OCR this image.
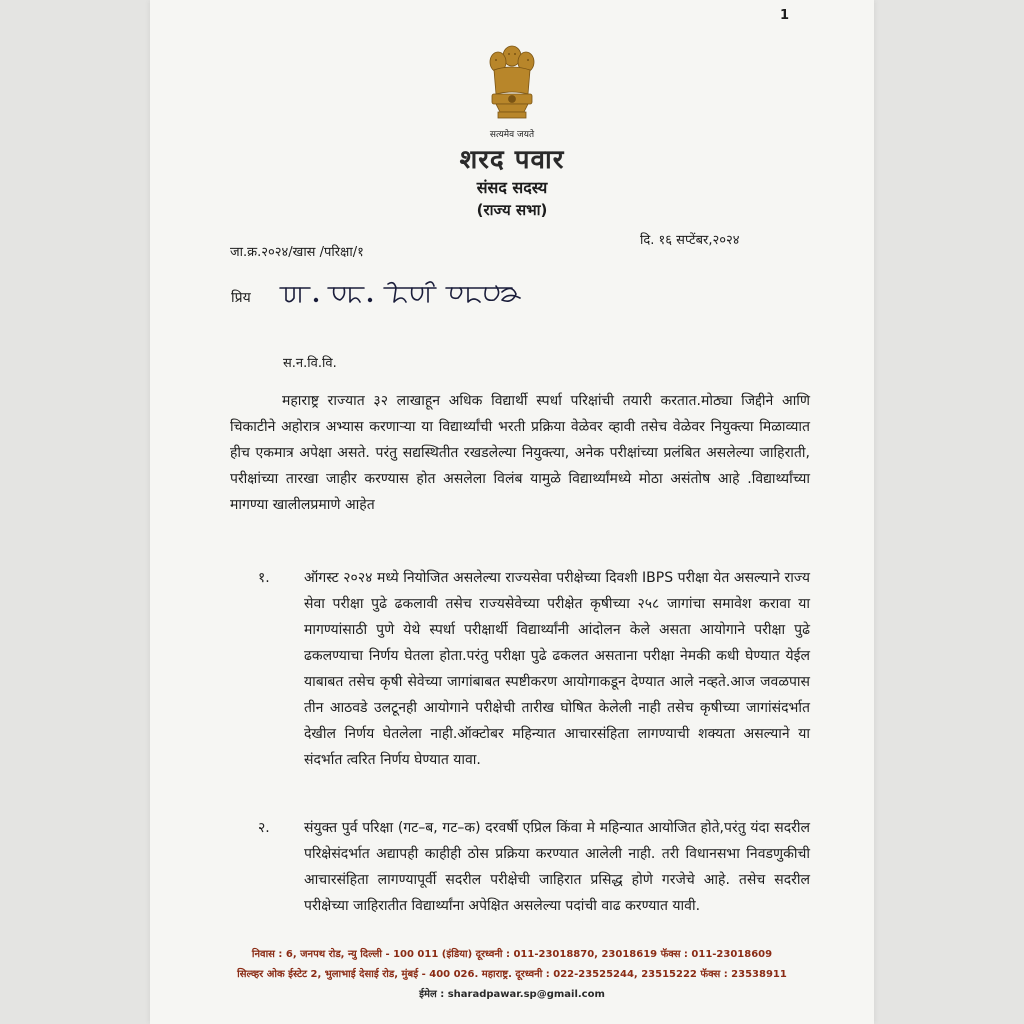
1
सत्यमेव जयते
शरद पवार
संसद सदस्य
(राज्य सभा)
जा.क्र.२०२४/खास /परिक्षा/१
दि. १६ सप्टेंबर,२०२४
प्रिय
स.न.वि.वि.
महाराष्ट्र राज्यात ३२ लाखाहून अधिक विद्यार्थी स्पर्धा परिक्षांची तयारी करतात.मोठ्या जिद्दीने आणि चिकाटीने अहोरात्र अभ्यास करणाऱ्या या विद्यार्थ्यांची भरती प्रक्रिया वेळेवर व्हावी तसेच वेळेवर नियुक्त्या मिळाव्यात हीच एकमात्र अपेक्षा असते. परंतु सद्यस्थितीत रखडलेल्या नियुक्त्या, अनेक परीक्षांच्या प्रलंबित असलेल्या जाहिराती, परीक्षांच्या तारखा जाहीर करण्यास होत असलेला विलंब यामुळे विद्यार्थ्यांमध्ये मोठा असंतोष आहे .विद्यार्थ्यांच्या मागण्या खालीलप्रमाणे आहेत
१.	ऑगस्ट २०२४ मध्ये नियोजित असलेल्या राज्यसेवा परीक्षेच्या दिवशी IBPS परीक्षा येत असल्याने राज्य सेवा परीक्षा पुढे ढकलावी तसेच राज्यसेवेच्या परीक्षेत कृषीच्या २५८ जागांचा समावेश करावा या मागण्यांसाठी पुणे येथे स्पर्धा परीक्षार्थी विद्यार्थ्यांनी आंदोलन केले असता आयोगाने परीक्षा पुढे ढकलण्याचा निर्णय घेतला होता.परंतु परीक्षा पुढे ढकलत असताना परीक्षा नेमकी कधी घेण्यात येईल याबाबत तसेच कृषी सेवेच्या जागांबाबत स्पष्टीकरण आयोगाकडून देण्यात आले नव्हते.आज जवळपास तीन आठवडे उलटूनही आयोगाने परीक्षेची तारीख घोषित केलेली नाही तसेच कृषीच्या जागांसंदर्भात देखील निर्णय घेतलेला नाही.ऑक्टोबर महिन्यात आचारसंहिता लागण्याची शक्यता असल्याने या संदर्भात त्वरित निर्णय घेण्यात यावा.
२.	संयुक्त पुर्व परिक्षा (गट–ब, गट–क) दरवर्षी एप्रिल किंवा मे महिन्यात आयोजित होते,परंतु यंदा सदरील परिक्षेसंदर्भात अद्यापही काहीही ठोस प्रक्रिया करण्यात आलेली नाही. तरी विधानसभा निवडणुकीची आचारसंहिता लागण्यापूर्वी सदरील परीक्षेची जाहिरात प्रसिद्ध होणे गरजेचे आहे. तसेच सदरील परीक्षेच्या जाहिरातीत विद्यार्थ्यांना अपेक्षित असलेल्या पदांची वाढ करण्यात यावी.
निवास : 6, जनपथ रोड, न्यु दिल्ली - 100 011 (इंडिया) दूरध्वनी : 011-23018870, 23018619 फॅक्स : 011-23018609
सिल्व्हर ओक ईस्टेट 2, भुलाभाई देसाई रोड, मुंबई - 400 026. महाराष्ट्र. दूरध्वनी : 022-23525244, 23515222 फॅक्स : 23538911
ईमेल : sharadpawar.sp@gmail.com
